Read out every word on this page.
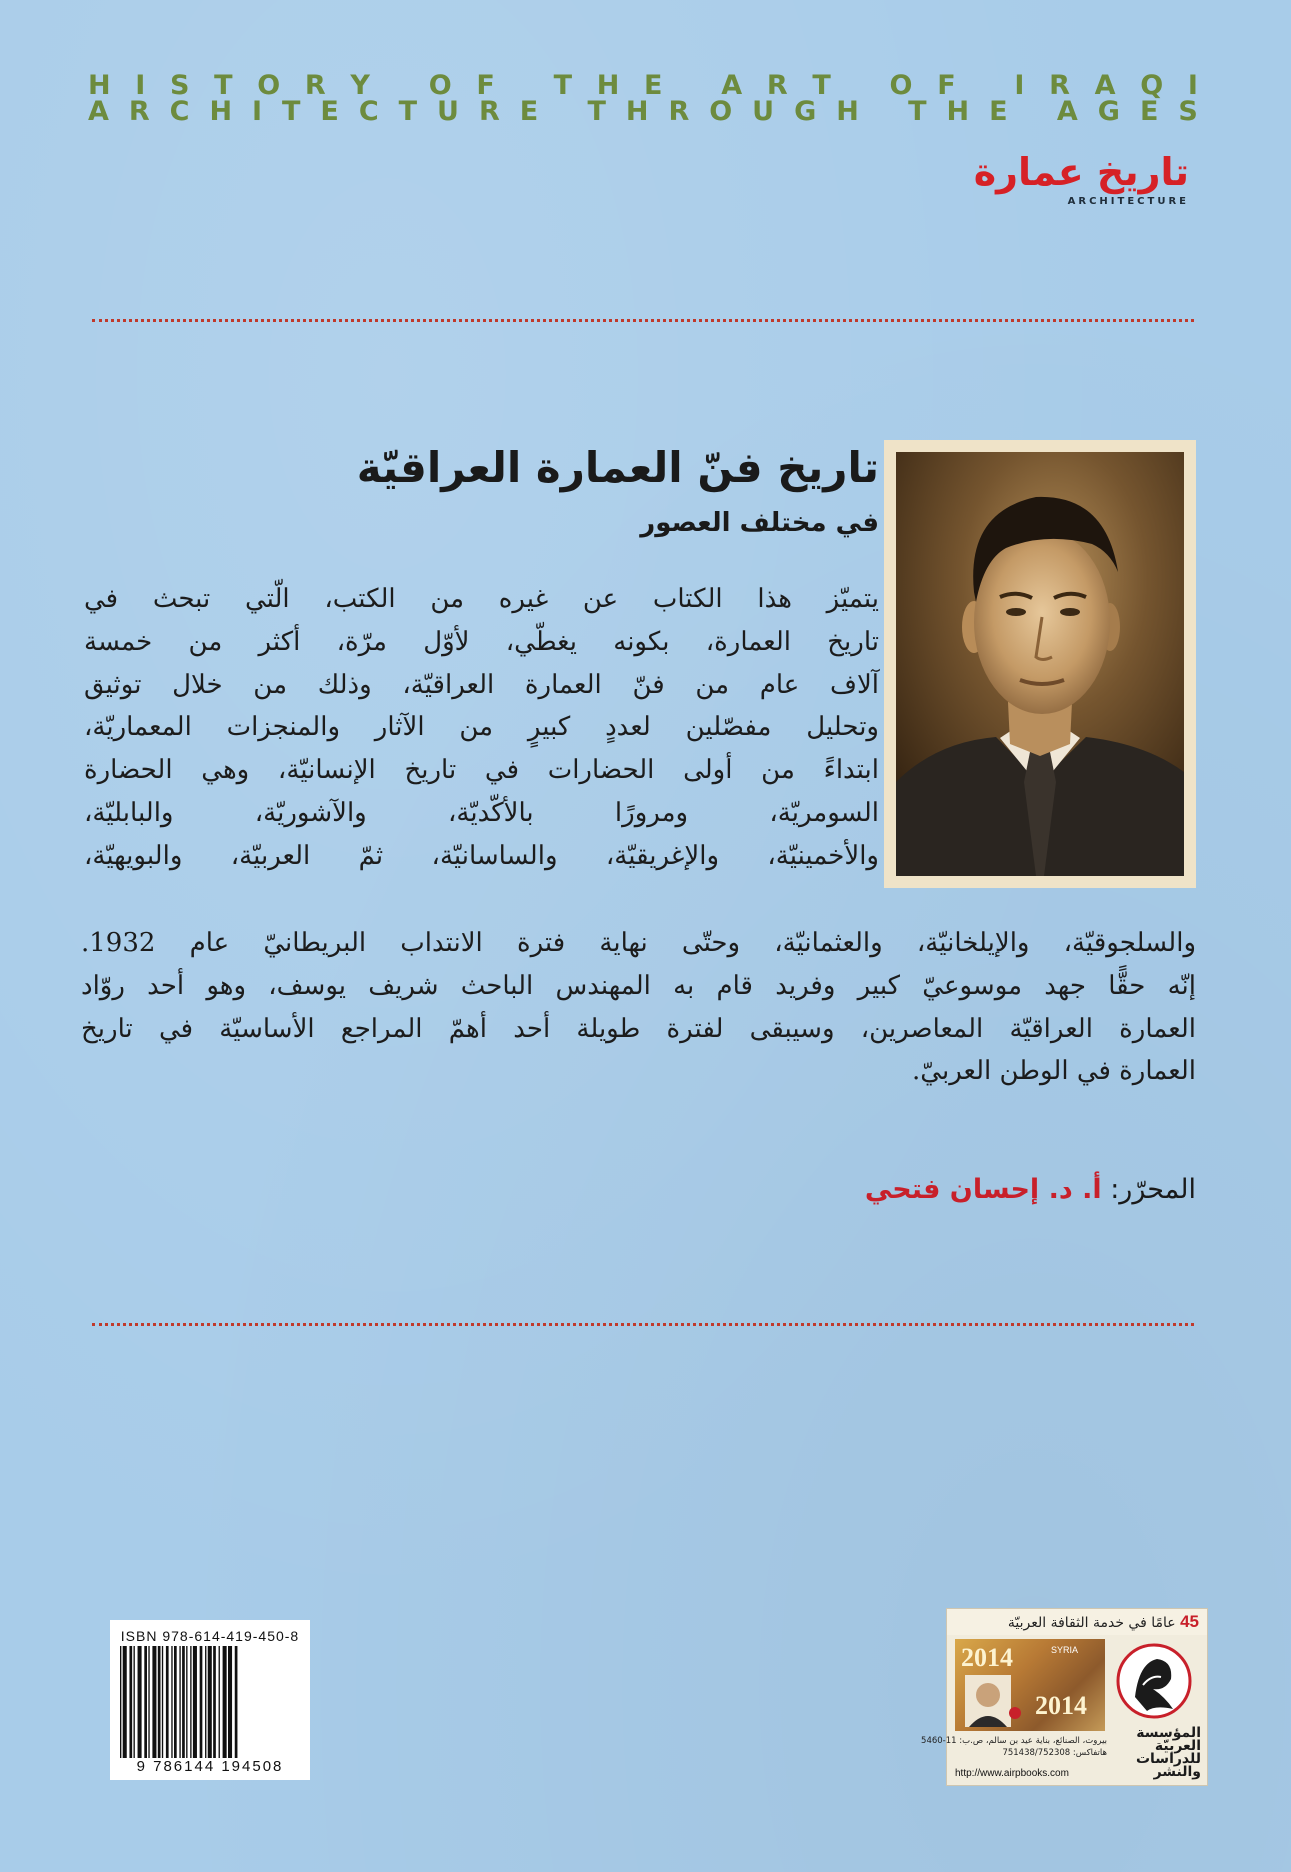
H I S T O R Y
O F
T H E
A R T
O F
I R A Q I
A R C H I T E C T U R E
T H R O U G H
T H E
A G E S
تاريخ عمارة
ARCHITECTURE
تاريخ فنّ العمارة العراقيّة
في مختلف العصور
يتميّز هذا الكتاب عن غيره من الكتب، الّتي تبحث في
تاريخ العمارة، بكونه يغطّي، لأوّل مرّة، أكثر من خمسة
آلاف عام من فنّ العمارة العراقيّة، وذلك من خلال توثيق
وتحليل مفصّلين لعددٍ كبيرٍ من الآثار والمنجزات المعماريّة،
ابتداءً من أولى الحضارات في تاريخ الإنسانيّة، وهي الحضارة
السومريّة، ومرورًا بالأكّديّة، والآشوريّة، والبابليّة،
والأخمينيّة، والإغريقيّة، والساسانيّة، ثمّ العربيّة، والبويهيّة،
والسلجوقيّة، والإيلخانيّة، والعثمانيّة، وحتّى نهاية فترة الانتداب البريطانيّ عام 1932.
إنّه حقًّا جهد موسوعيّ كبير وفريد قام به المهندس الباحث شريف يوسف، وهو أحد روّاد
العمارة العراقيّة المعاصرين، وسيبقى لفترة طويلة أحد أهمّ المراجع الأساسيّة في تاريخ
العمارة في الوطن العربيّ.
المحرّر: أ. د. إحسان فتحي
ISBN 978-614-419-450-8
9 786144 194508
45 عامًا في خدمة الثقافة العربيّة
2014	SYRIA
2014
المؤسسة
العربيّة
للدراسات
والنشر
بيروت، الصنائع، بناية عيد بن سالم، ص.ب: 11-5460
هاتفاكس: 751438/752308
http://www.airpbooks.com
